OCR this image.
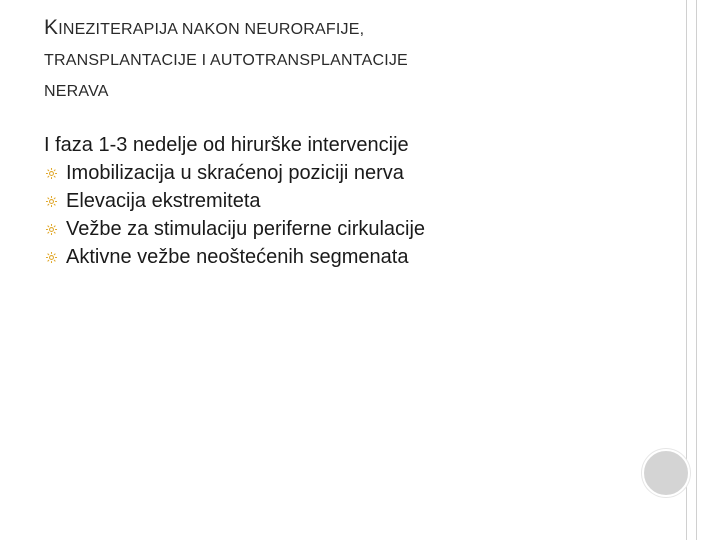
KINEZITERAPIJA NAKON NEURORAFIJE,
TRANSPLANTACIJE I AUTOTRANSPLANTACIJE
NERAVA
I faza 1-3 nedelje od hirurške intervencije
Imobilizacija u skraćenoj poziciji nerva
Elevacija ekstremiteta
Vežbe za stimulaciju periferne cirkulacije
Aktivne vežbe neoštećenih segmenata
